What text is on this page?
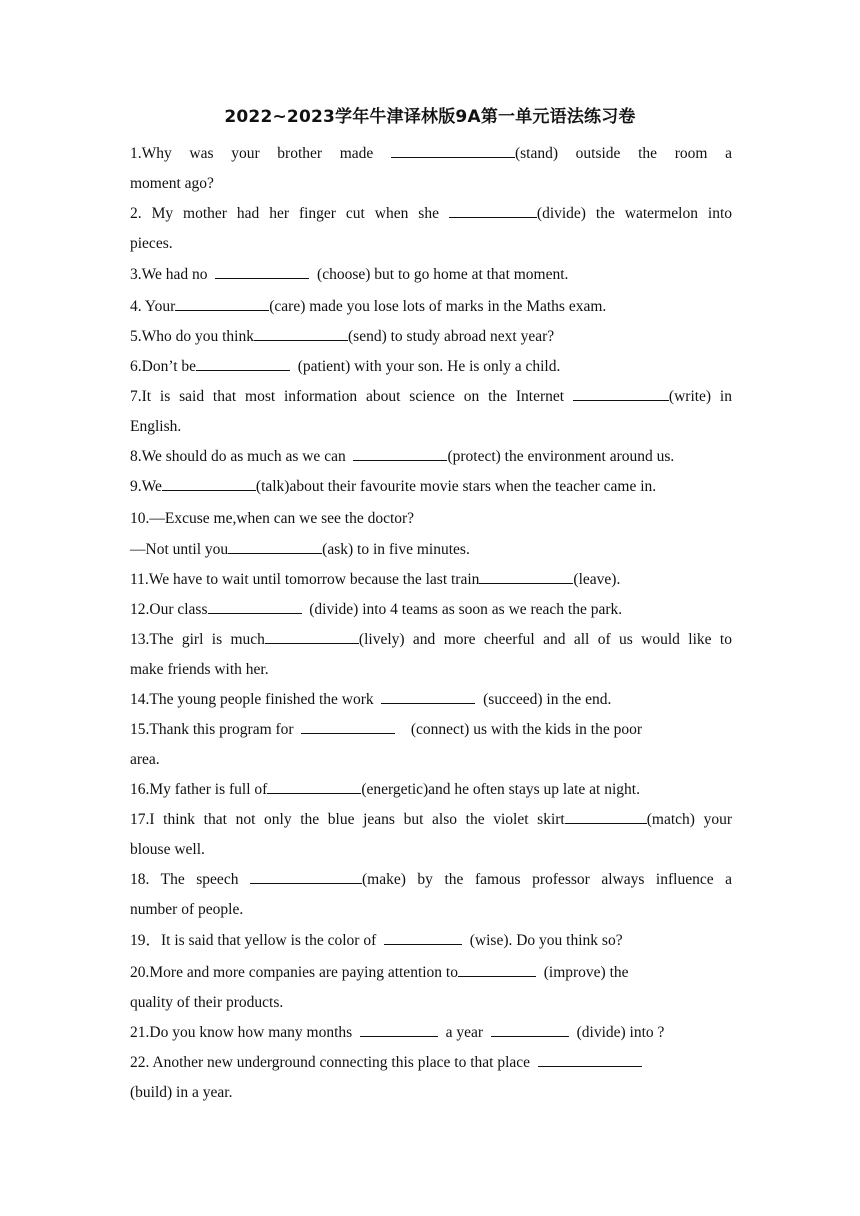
2022~2023学年牛津译林版9A第一单元语法练习卷
1.Why was your brother made	(stand) outside the room a
moment ago?
2. My mother had her finger cut when she	(divide) the watermelon into
pieces.
3.We had no	(choose) but to go home at that moment.
4. Your	(care) made you lose lots of marks in the Maths exam.
5.Who do you think	(send) to study abroad next year?
6.Don’t be	(patient) with your son. He is only a child.
7.It is said that most information about science on the Internet	(write) in
English.
8.We should do as much as we can	(protect) the environment around us.
9.We	(talk)about their favourite movie stars when the teacher came in.
10.—Excuse me,when can we see the doctor?
—Not until you	(ask) to in five minutes.
11.We have to wait until tomorrow because the last train	(leave).
12.Our class	(divide) into 4 teams as soon as we reach the park.
13.The girl is much	(lively) and more cheerful and all of us would like to
make friends with her.
14.The young people finished the work	(succeed) in the end.
15.Thank this program for	(connect) us with the kids in the poor
area.
16.My father is full of	(energetic)and he often stays up late at night.
17.I think that not only the blue jeans but also the violet skirt	(match) your
blouse well.
18. The speech	(make) by the famous professor always influence a
number of people.
19．It is said that yellow is the color of	(wise). Do you think so?
20.More and more companies are paying attention to	(improve) the
quality of their products.
21.Do you know how many months	a year	(divide) into ?
22. Another new underground connecting this place to that place
(build) in a year.
